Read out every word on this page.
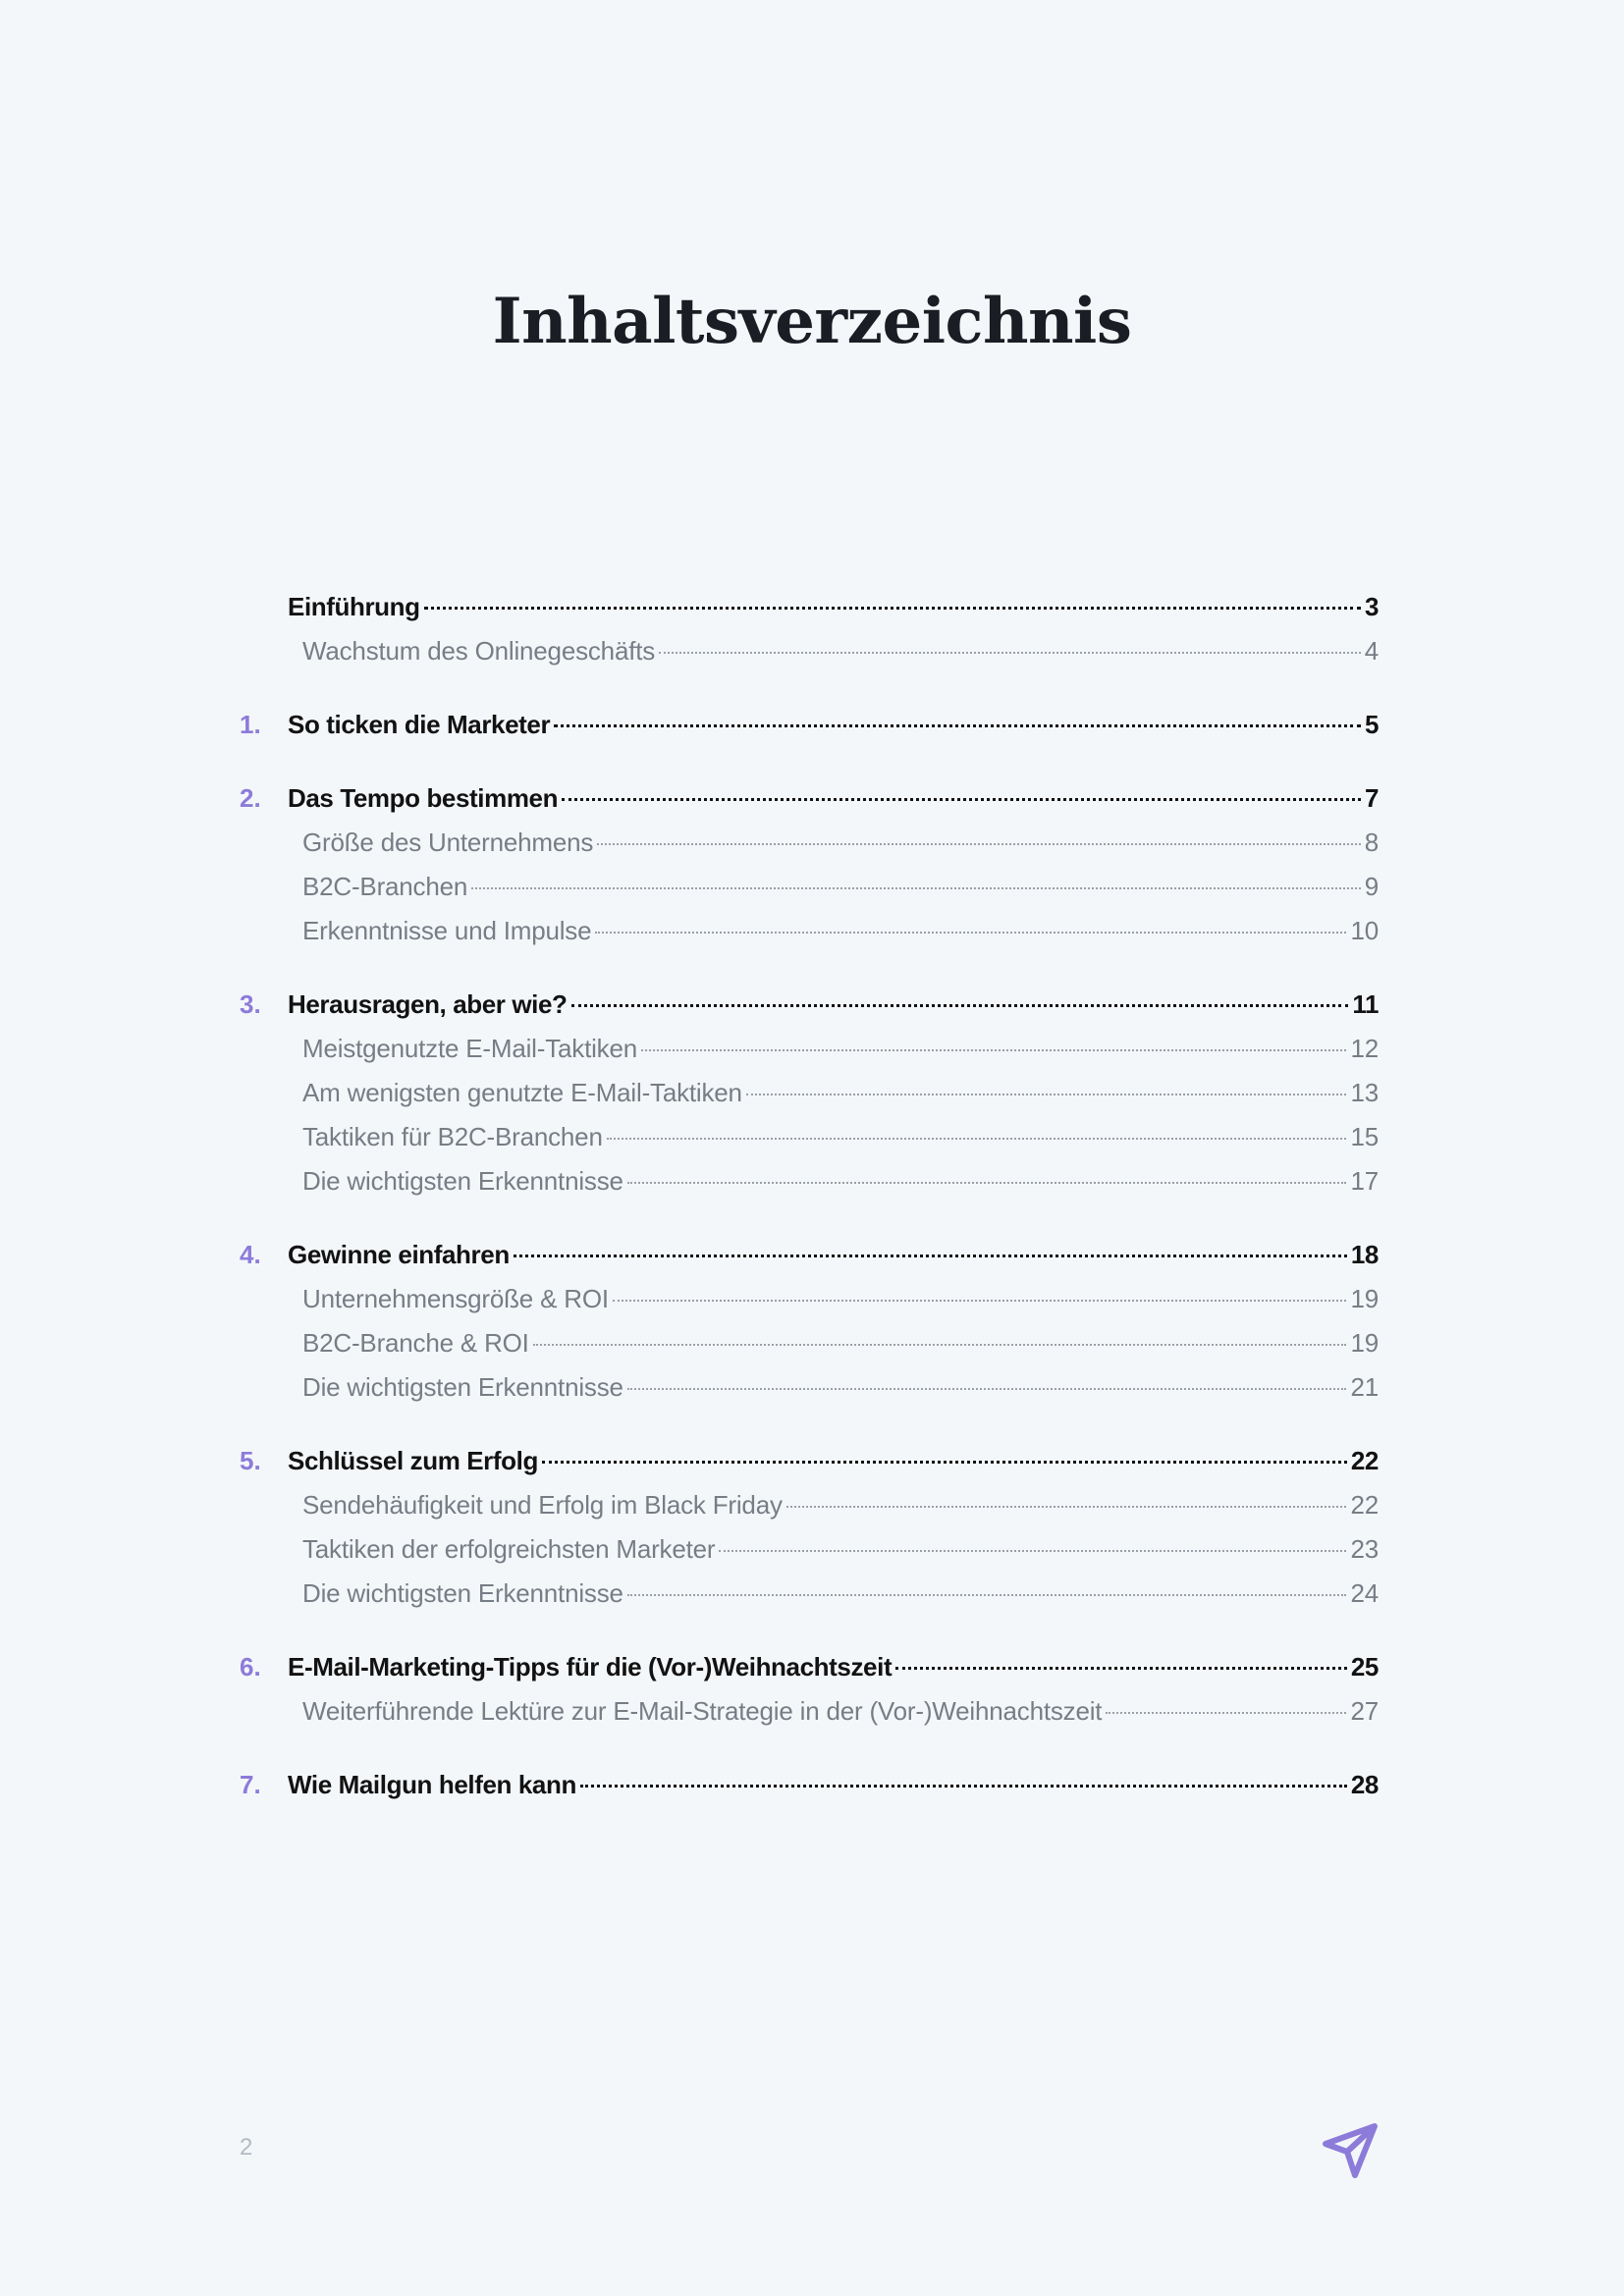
Inhaltsverzeichnis
Einführung	3
Wachstum des Onlinegeschäfts	4
1. So ticken die Marketer	5
2. Das Tempo bestimmen	7
Größe des Unternehmens	8
B2C-Branchen	9
Erkenntnisse und Impulse	10
3. Herausragen, aber wie?	11
Meistgenutzte E-Mail-Taktiken	12
Am wenigsten genutzte E-Mail-Taktiken	13
Taktiken für B2C-Branchen	15
Die wichtigsten Erkenntnisse	17
4. Gewinne einfahren	18
Unternehmensgröße & ROI	19
B2C-Branche & ROI	19
Die wichtigsten Erkenntnisse	21
5. Schlüssel zum Erfolg	22
Sendehäufigkeit und Erfolg im Black Friday	22
Taktiken der erfolgreichsten Marketer	23
Die wichtigsten Erkenntnisse	24
6. E-Mail-Marketing-Tipps für die (Vor-)Weihnachtszeit	25
Weiterführende Lektüre zur E-Mail-Strategie in der (Vor-)Weihnachtszeit	27
7. Wie Mailgun helfen kann	28
2
